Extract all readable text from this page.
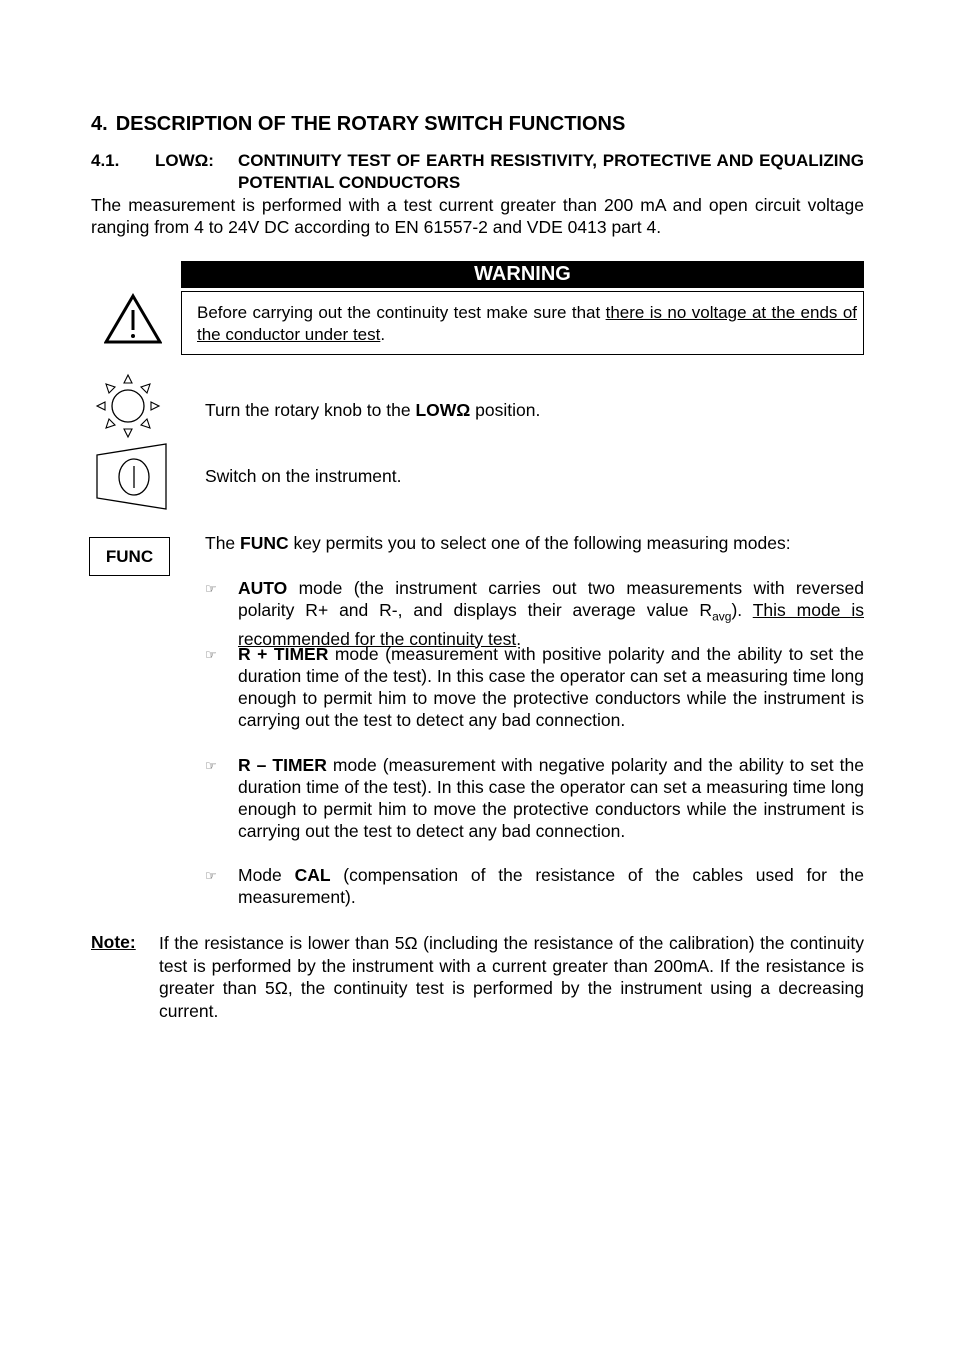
4. DESCRIPTION OF THE ROTARY SWITCH FUNCTIONS
4.1. LOWΩ: CONTINUITY TEST OF EARTH RESISTIVITY, PROTECTIVE AND EQUALIZING POTENTIAL CONDUCTORS
The measurement is performed with a test current greater than 200 mA and open circuit voltage ranging from 4 to 24V DC according to EN 61557-2 and VDE 0413 part 4.
WARNING
Before carrying out the continuity test make sure that there is no voltage at the ends of the conductor under test.
Turn the rotary knob to the LOWΩ position.
Switch on the instrument.
FUNC
The FUNC key permits you to select one of the following measuring modes:
☞ AUTO mode (the instrument carries out two measurements with reversed polarity R+ and R-, and displays their average value $R_{avg}$). This mode is recommended for the continuity test.
☞ R + TIMER mode (measurement with positive polarity and the ability to set the duration time of the test). In this case the operator can set a measuring time long enough to permit him to move the protective conductors while the instrument is carrying out the test to detect any bad connection.
☞ R – TIMER mode (measurement with negative polarity and the ability to set the duration time of the test). In this case the operator can set a measuring time long enough to permit him to move the protective conductors while the instrument is carrying out the test to detect any bad connection.
☞ Mode CAL (compensation of the resistance of the cables used for the measurement).
Note: If the resistance is lower than 5Ω (including the resistance of the calibration) the continuity test is performed by the instrument with a current greater than 200mA. If the resistance is greater than 5Ω, the continuity test is performed by the instrument using a decreasing current.
